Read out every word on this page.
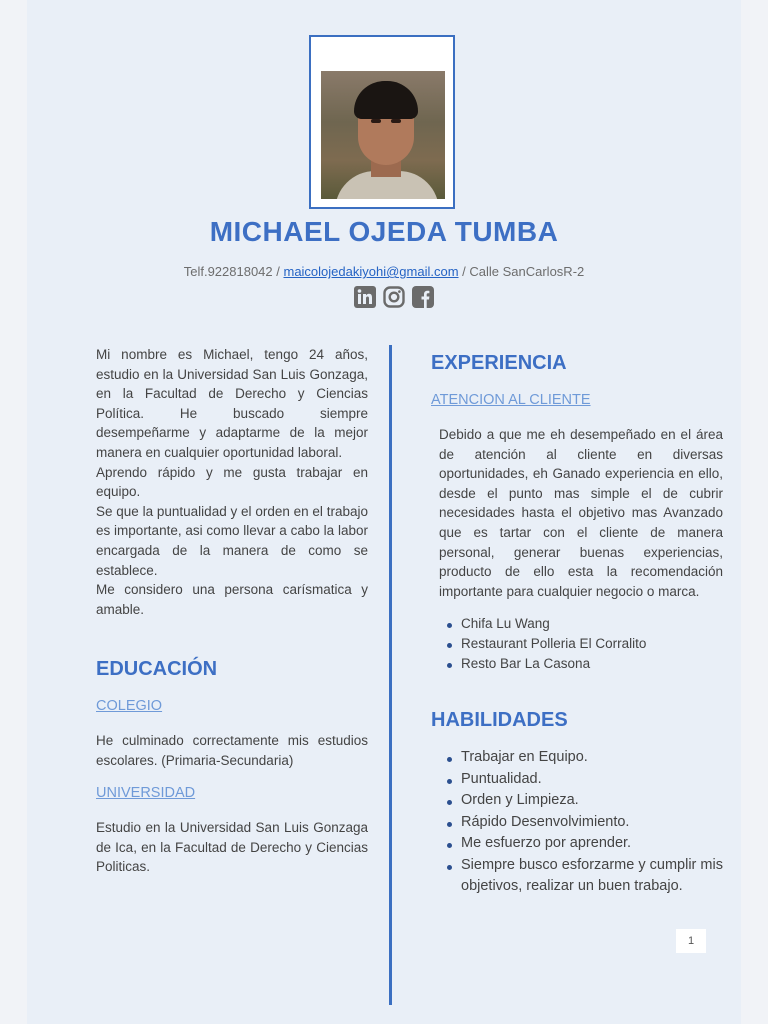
MICHAEL OJEDA TUMBA
Telf.922818042 / maicolojedakiyohi@gmail.com / Calle SanCarlosR-2

Mi nombre es Michael, tengo 24 años, estudio en la Universidad San Luis Gonzaga, en la Facultad de Derecho y Ciencias Política. He buscado siempre desempeñarme y adaptarme de la mejor manera en cualquier oportunidad laboral.
Aprendo rápido y me gusta trabajar en equipo.
Se que la puntualidad y el orden en el trabajo es importante, asi como llevar a cabo la labor encargada de la manera de como se establece.
Me considero una persona carísmatica y amable.

EDUCACIÓN
COLEGIO

He culminado correctamente mis estudios escolares. (Primaria-Secundaria)

UNIVERSIDAD

Estudio en la Universidad San Luis Gonzaga de Ica, en la Facultad de Derecho y Ciencias Politicas.

EXPERIENCIA
ATENCION AL CLIENTE

Debido a que me eh desempeñado en el área de atención al cliente en diversas oportunidades, eh Ganado experiencia en ello, desde el punto mas simple el de cubrir necesidades hasta el objetivo mas Avanzado que es tartar con el cliente de manera personal, generar buenas experiencias, producto de ello esta la recomendación importante para cualquier negocio o marca.

Chifa Lu Wang
Restaurant Polleria El Corralito
Resto Bar La Casona
HABILIDADES
Trabajar en Equipo.
Puntualidad.
Orden y Limpieza.
Rápido Desenvolvimiento.
Me esfuerzo por aprender.
Siempre busco esforzarme y cumplir mis objetivos, realizar un buen trabajo.
1
